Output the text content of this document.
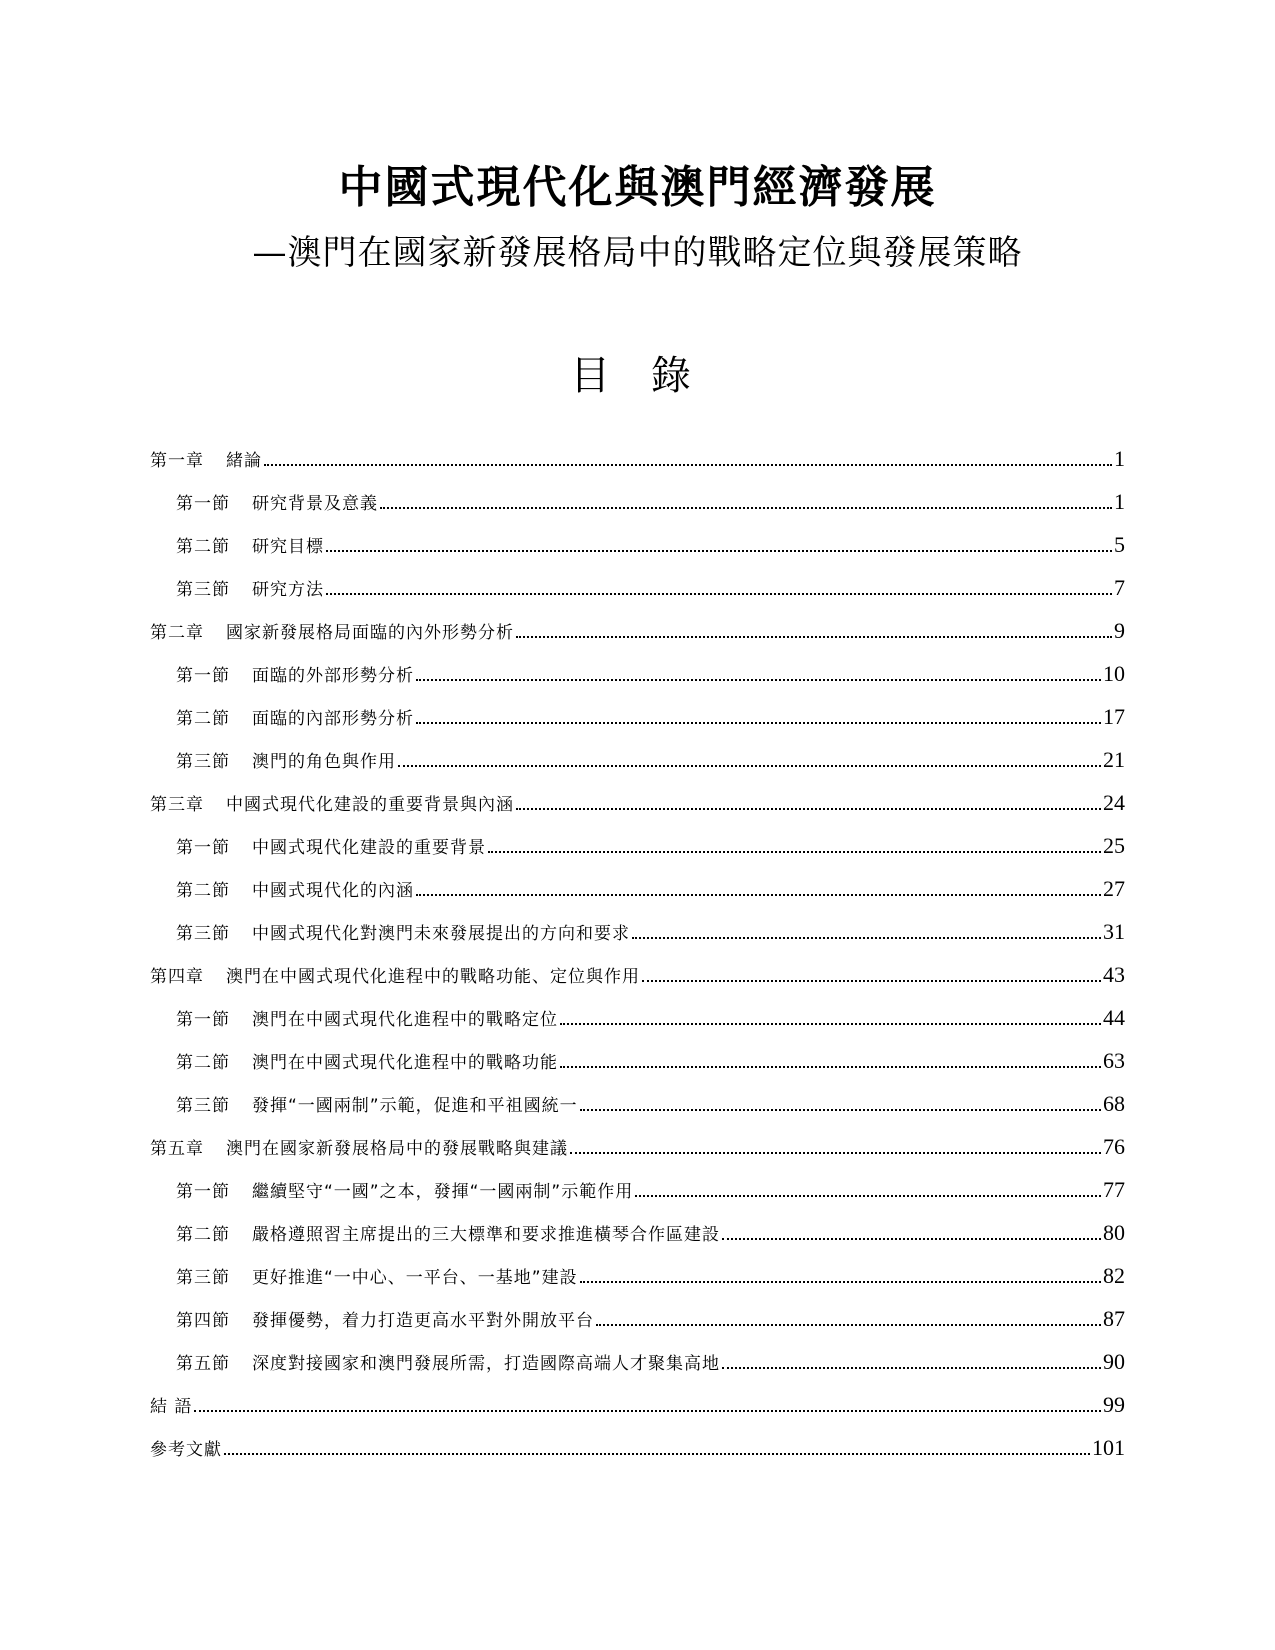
中國式現代化與澳門經濟發展
—澳門在國家新發展格局中的戰略定位與發展策略
目 錄
第一章 緒論	1
第一節 研究背景及意義	1
第二節 研究目標	5
第三節 研究方法	7
第二章 國家新發展格局面臨的內外形勢分析	9
第一節 面臨的外部形勢分析	10
第二節 面臨的內部形勢分析	17
第三節 澳門的角色與作用	21
第三章 中國式現代化建設的重要背景與內涵	24
第一節 中國式現代化建設的重要背景	25
第二節 中國式現代化的內涵	27
第三節 中國式現代化對澳門未來發展提出的方向和要求	31
第四章 澳門在中國式現代化進程中的戰略功能、定位與作用	43
第一節 澳門在中國式現代化進程中的戰略定位	44
第二節 澳門在中國式現代化進程中的戰略功能	63
第三節 發揮“一國兩制”示範，促進和平祖國統一	68
第五章 澳門在國家新發展格局中的發展戰略與建議	76
第一節 繼續堅守“一國”之本，發揮“一國兩制”示範作用	77
第二節 嚴格遵照習主席提出的三大標準和要求推進橫琴合作區建設	80
第三節 更好推進“一中心、一平台、一基地”建設	82
第四節 發揮優勢，着力打造更高水平對外開放平台	87
第五節 深度對接國家和澳門發展所需，打造國際高端人才聚集高地	90
結 語	99
參考文獻	101
